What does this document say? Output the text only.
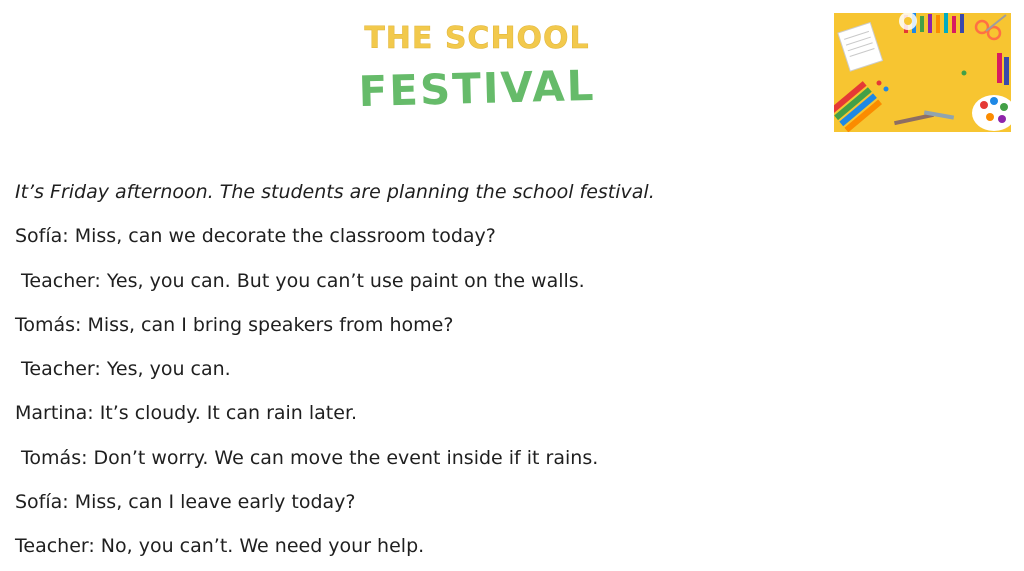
THE SCHOOL
FESTIVAL
It’s Friday afternoon. The students are planning the school festival.
Sofía: Miss, can we decorate the classroom today?
Teacher: Yes, you can. But you can’t use paint on the walls.
Tomás: Miss, can I bring speakers from home?
Teacher: Yes, you can.
Martina: It’s cloudy. It can rain later.
Tomás: Don’t worry. We can move the event inside if it rains.
Sofía: Miss, can I leave early today?
Teacher: No, you can’t. We need your help.
